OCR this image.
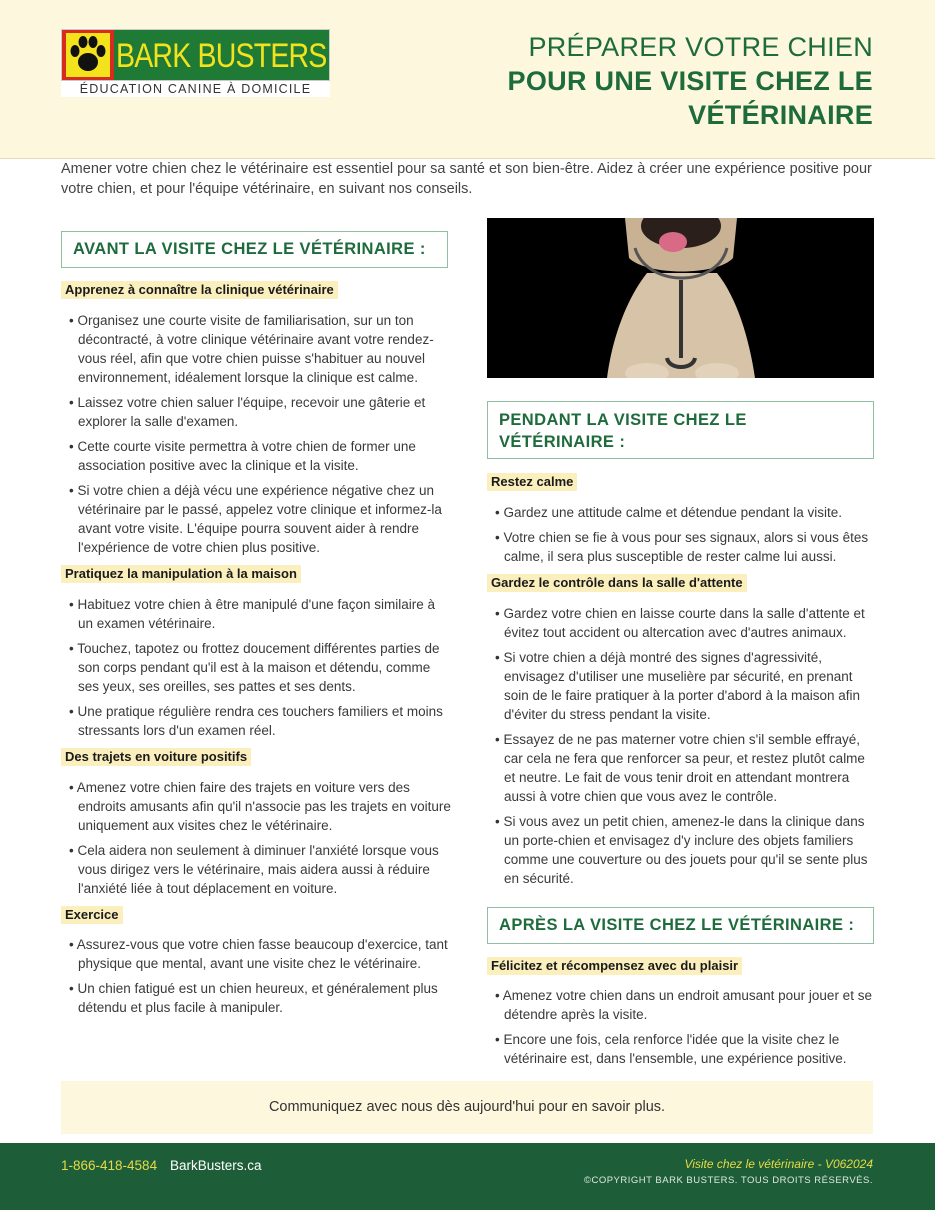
BARK BUSTERS
ÉDUCATION CANINE À DOMICILE
PRÉPARER VOTRE CHIEN
POUR UNE VISITE CHEZ LE
VÉTÉRINAIRE
Amener votre chien chez le vétérinaire est essentiel pour sa santé et son bien-être. Aidez à créer une expérience positive pour votre chien, et pour l'équipe vétérinaire, en suivant nos conseils.
AVANT LA VISITE CHEZ LE VÉTÉRINAIRE :
Apprenez à connaître la clinique vétérinaire
• Organisez une courte visite de familiarisation, sur un ton décontracté, à votre clinique vétérinaire avant votre rendez-vous réel, afin que votre chien puisse s'habituer au nouvel environnement, idéalement lorsque la clinique est calme.
• Laissez votre chien saluer l'équipe, recevoir une gâterie et explorer la salle d'examen.
• Cette courte visite permettra à votre chien de former une association positive avec la clinique et la visite.
• Si votre chien a déjà vécu une expérience négative chez un vétérinaire par le passé, appelez votre clinique et informez-la avant votre visite. L'équipe pourra souvent aider à rendre l'expérience de votre chien plus positive.
Pratiquez la manipulation à la maison
• Habituez votre chien à être manipulé d'une façon similaire à un examen vétérinaire.
• Touchez, tapotez ou frottez doucement différentes parties de son corps pendant qu'il est à la maison et détendu, comme ses yeux, ses oreilles, ses pattes et ses dents.
• Une pratique régulière rendra ces touchers familiers et moins stressants lors d'un examen réel.
Des trajets en voiture positifs
• Amenez votre chien faire des trajets en voiture vers des endroits amusants afin qu'il n'associe pas les trajets en voiture uniquement aux visites chez le vétérinaire.
• Cela aidera non seulement à diminuer l'anxiété lorsque vous vous dirigez vers le vétérinaire, mais aidera aussi à réduire l'anxiété liée à tout déplacement en voiture.
Exercice
• Assurez-vous que votre chien fasse beaucoup d'exercice, tant physique que mental, avant une visite chez le vétérinaire.
• Un chien fatigué est un chien heureux, et généralement plus détendu et plus facile à manipuler.
PENDANT LA VISITE CHEZ LE VÉTÉRINAIRE :
Restez calme
• Gardez une attitude calme et détendue pendant la visite.
• Votre chien se fie à vous pour ses signaux, alors si vous êtes calme, il sera plus susceptible de rester calme lui aussi.
Gardez le contrôle dans la salle d'attente
• Gardez votre chien en laisse courte dans la salle d'attente et évitez tout accident ou altercation avec d'autres animaux.
• Si votre chien a déjà montré des signes d'agressivité, envisagez d'utiliser une muselière par sécurité, en prenant soin de le faire pratiquer à la porter d'abord à la maison afin d'éviter du stress pendant la visite.
• Essayez de ne pas materner votre chien s'il semble effrayé, car cela ne fera que renforcer sa peur, et restez plutôt calme et neutre. Le fait de vous tenir droit en attendant montrera aussi à votre chien que vous avez le contrôle.
• Si vous avez un petit chien, amenez-le dans la clinique dans un porte-chien et envisagez d'y inclure des objets familiers comme une couverture ou des jouets pour qu'il se sente plus en sécurité.
APRÈS LA VISITE CHEZ LE VÉTÉRINAIRE :
Félicitez et récompensez avec du plaisir
• Amenez votre chien dans un endroit amusant pour jouer et se détendre après la visite.
• Encore une fois, cela renforce l'idée que la visite chez le vétérinaire est, dans l'ensemble, une expérience positive.
Communiquez avec nous dès aujourd'hui pour en savoir plus.
1-866-418-4584 BarkBusters.ca	Visite chez le vétérinaire - V062024
©COPYRIGHT BARK BUSTERS. TOUS DROITS RÉSERVÉS.
